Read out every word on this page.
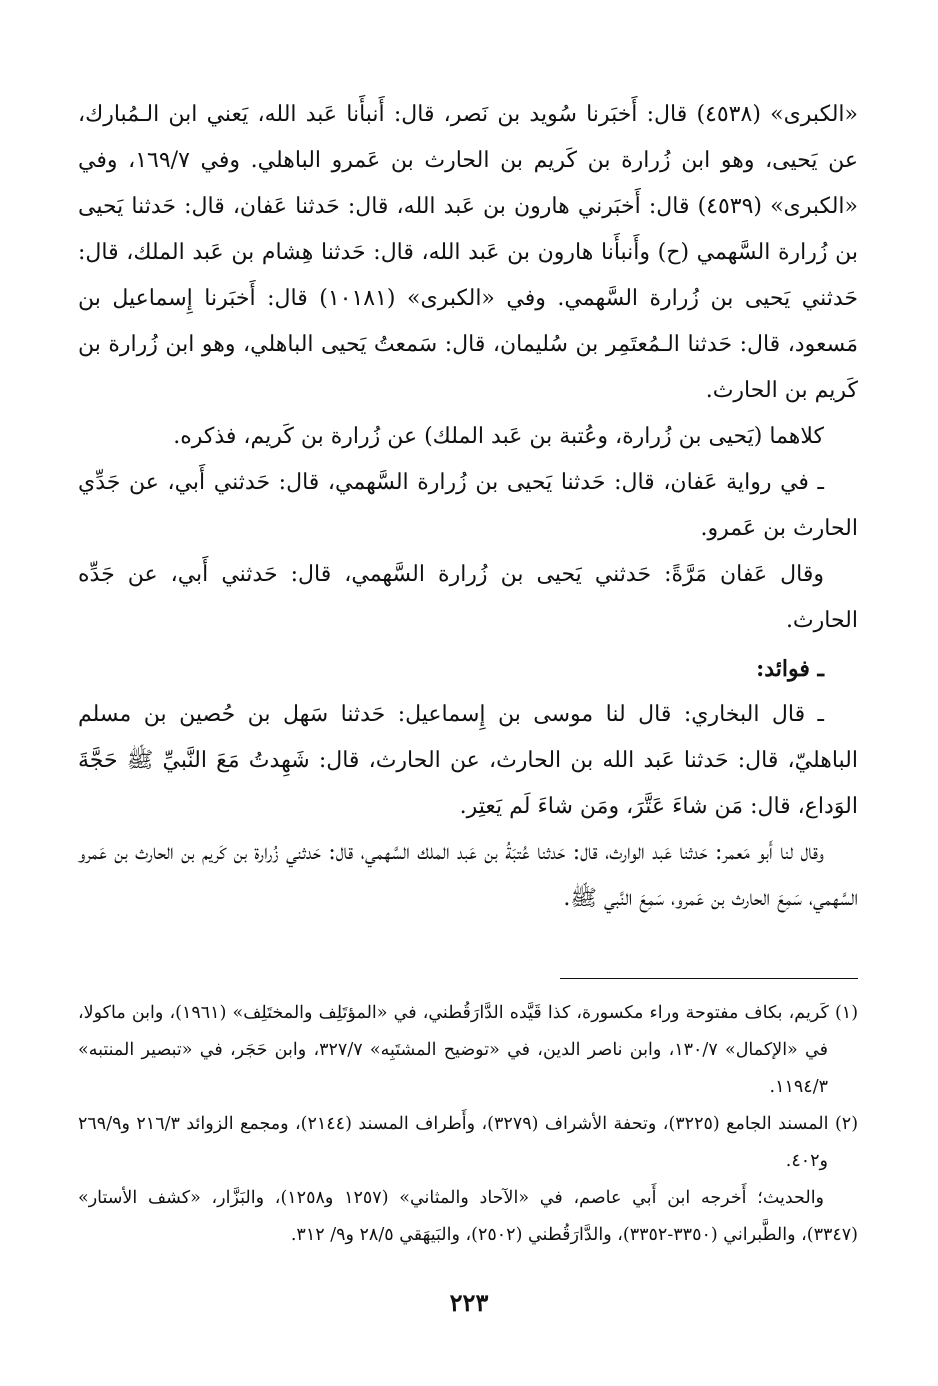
«الكبرى» (٤٥٣٨) قال: أَخبَرنا سُويد بن نَصر، قال: أَنبأَنا عَبد الله، يَعني ابن الـمُبارك، عن يَحيى، وهو ابن زُرارة بن كَريم بن الحارث بن عَمرو الباهلي. وفي ١٦٩/٧، وفي «الكبرى» (٤٥٣٩) قال: أَخبَرني هارون بن عَبد الله، قال: حَدثنا عَفان، قال: حَدثنا يَحيى بن زُرارة السَّهمي (ح) وأَنبأَنا هارون بن عَبد الله، قال: حَدثنا هِشام بن عَبد الملك، قال: حَدثني يَحيى بن زُرارة السَّهمي. وفي «الكبرى» (١٠١٨١) قال: أَخبَرنا إِسماعيل بن مَسعود، قال: حَدثنا الـمُعتَمِر بن سُليمان، قال: سَمعتُ يَحيى الباهلي، وهو ابن زُرارة بن كَريم بن الحارث.

كلاهما (يَحيى بن زُرارة، وعُتبة بن عَبد الملك) عن زُرارة بن كَريم، فذكره.

ـ في رواية عَفان، قال: حَدثنا يَحيى بن زُرارة السَّهمي، قال: حَدثني أَبي، عن جَدِّي الحارث بن عَمرو.

وقال عَفان مَرَّةً: حَدثني يَحيى بن زُرارة السَّهمي، قال: حَدثني أَبي، عن جَدِّه الحارث.

ـ فوائد:

ـ قال البخاري: قال لنا موسى بن إِسماعيل: حَدثنا سَهل بن حُصين بن مسلم الباهليّ، قال: حَدثنا عَبد الله بن الحارث، عن الحارث، قال: شَهِدتُ مَعَ النَّبيِّ ﷺ حَجَّةَ الوَداع، قال: مَن شاءَ عَتَّرَ، ومَن شاءَ لَم يَعتِر.

وقال لنا أَبو مَعمر: حَدثنا عَبد الوارث، قال: حَدثنا عُتبَةُ بن عَبد الملك السَّهمي، قال: حَدثني زُرارة بن كَريم بن الحارث بن عَمرو السَّهمي، سَمِعَ الحارث بن عَمرو، سَمِعَ النَّبي ﷺ.

(١) كَريم، بكاف مفتوحة وراء مكسورة، كذا قَيَّده الدَّارَقُطني، في «المؤتَلِف والمختَلِف» (١٩٦١)، وابن ماكولا، في «الإكمال» ١٣٠/٧، وابن ناصر الدين، في «توضيح المشتَبِه» ٣٢٧/٧، وابن حَجَر، في «تبصير المنتبه» ١١٩٤/٣.

(٢) المسند الجامع (٣٢٢٥)، وتحفة الأشراف (٣٢٧٩)، وأَطراف المسند (٢١٤٤)، ومجمع الزوائد ٢١٦/٣ و٢٦٩/٩ و٤٠٢.

والحديث؛ أَخرجه ابن أَبي عاصم، في «الآحاد والمثاني» (١٢٥٧ و١٢٥٨)، والبَزَّار، «كشف الأستار» (٣٣٤٧)، والطَّبراني (٣٣٥٠-٣٣٥٢)، والدَّارَقُطني (٢٥٠٢)، والبَيهَقي ٢٨/٥ و٩/ ٣١٢.

٢٢٣
